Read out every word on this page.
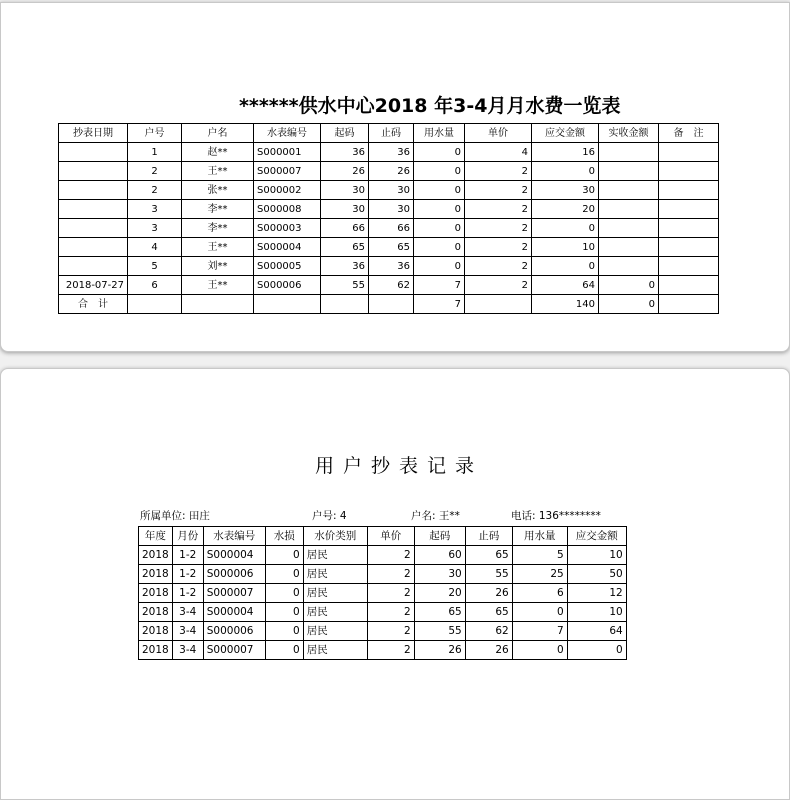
******供水中心2018 年3-4月月水费一览表
抄表日期	户号	户名	水表编号	起码	止码	用水量	单价	应交金额	实收金额	备　注
	1	赵**	S000001	36	36	0	4	16		
	2	王**	S000007	26	26	0	2	0		
	2	张**	S000002	30	30	0	2	30		
	3	李**	S000008	30	30	0	2	20		
	3	李**	S000003	66	66	0	2	0		
	4	王**	S000004	65	65	0	2	10		
	5	刘**	S000005	36	36	0	2	0		
2018-07-27	6	王**	S000006	55	62	7	2	64	0	
合　计						7		140	0	
用户抄表记录
所属单位: 田庄	户号: 4	户名: 王**	电话: 136********
年度	月份	水表编号	水损	水价类别	单价	起码	止码	用水量	应交金额
2018	1-2	S000004	0	居民	2	60	65	5	10
2018	1-2	S000006	0	居民	2	30	55	25	50
2018	1-2	S000007	0	居民	2	20	26	6	12
2018	3-4	S000004	0	居民	2	65	65	0	10
2018	3-4	S000006	0	居民	2	55	62	7	64
2018	3-4	S000007	0	居民	2	26	26	0	0
